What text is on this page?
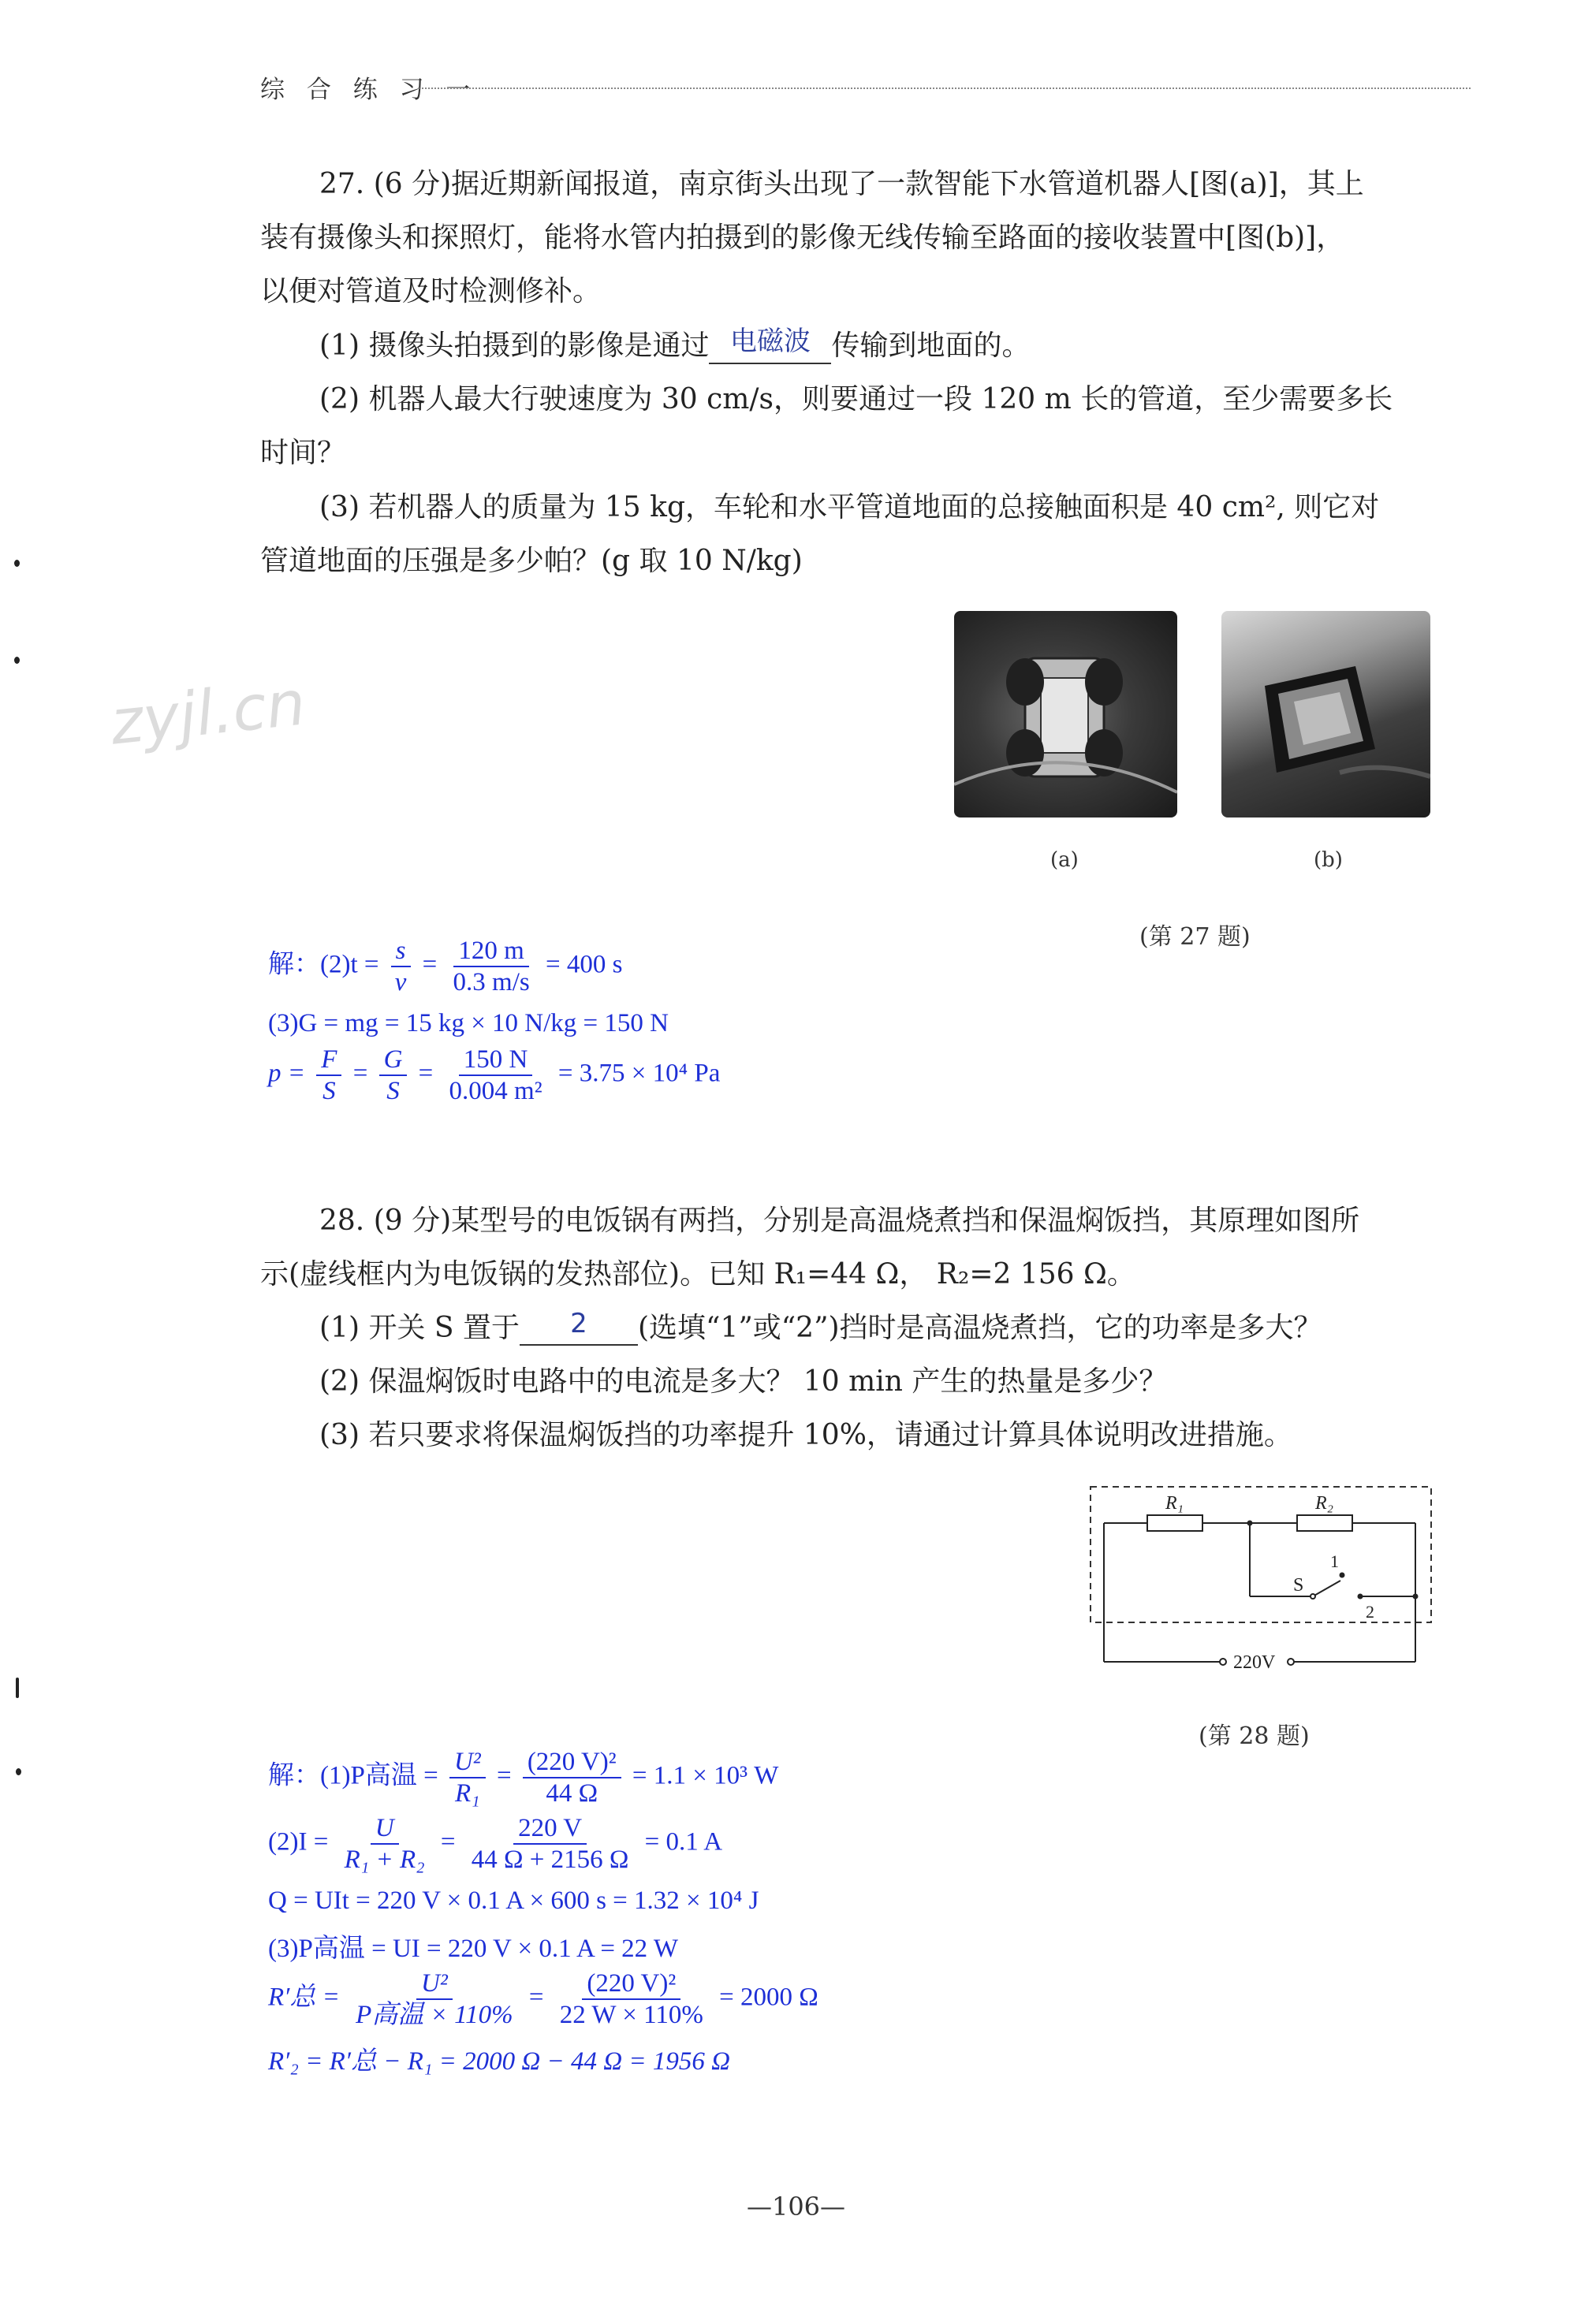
综 合 练 习 一
zyjl.cn
27. (6 分)据近期新闻报道，南京街头出现了一款智能下水管道机器人[图(a)]，其上
装有摄像头和探照灯，能将水管内拍摄到的影像无线传输至路面的接收装置中[图(b)]，
以便对管道及时检测修补。
(1) 摄像头拍摄到的影像是通过 电磁波 传输到地面的。
(2) 机器人最大行驶速度为 30 cm/s，则要通过一段 120 m 长的管道，至少需要多长
时间？
(3) 若机器人的质量为 15 kg，车轮和水平管道地面的总接触面积是 40 cm², 则它对
管道地面的压强是多少帕？(g 取 10 N/kg)
(a)	(b)
(第 27 题)
解：$(2)t = \frac{s}{v} = \frac{120 m}{0.3 m/s} = 400$ s
(3)G = mg = 15 kg × 10 N/kg = 150 N
$p = \frac{F}{S} = \frac{G}{S} = \frac{150 N}{\text{0.004 m²}} = 3.75 \times 10^4$ Pa
28. (9 分)某型号的电饭锅有两挡，分别是高温烧煮挡和保温焖饭挡，其原理如图所
示(虚线框内为电饭锅的发热部位)。已知 R₁=44 Ω， R₂=2 156 Ω。
(1) 开关 S 置于 2 (选填“1”或“2”)挡时是高温烧煮挡，它的功率是多大？
(2) 保温焖饭时电路中的电流是多大？ 10 min 产生的热量是多少？
(3) 若只要求将保温焖饭挡的功率提升 10%，请通过计算具体说明改进措施。
R₁	R₂
S
1
2
220V
(第 28 题)
解：(1)P高温 = $\frac{\text{U²}}{\text{R₁}} = \frac{\text{(220 V)²}}{44 \Omega} = 1.1 \times 10^3$ W
$(2)I = \frac{U}{\text{R₁ + R₂}} = \frac{220 V}{44 \Omega + 2156 \Omega} = 0.1$ A
Q = UIt = 220 V × 0.1 A × 600 s = 1.32 × 10⁴ J
(3)P高温 = UI = 220 V × 0.1 A = 22 W
R′总 = $\frac{\text{U²}}{\text{P高温 × 110\%}} = \frac{\text{(220 V)²}}{22 W \times 110\%} = 2000$ Ω
R′₂ = R′总 − R₁ = 2000 Ω − 44 Ω = 1956 Ω
—106—
